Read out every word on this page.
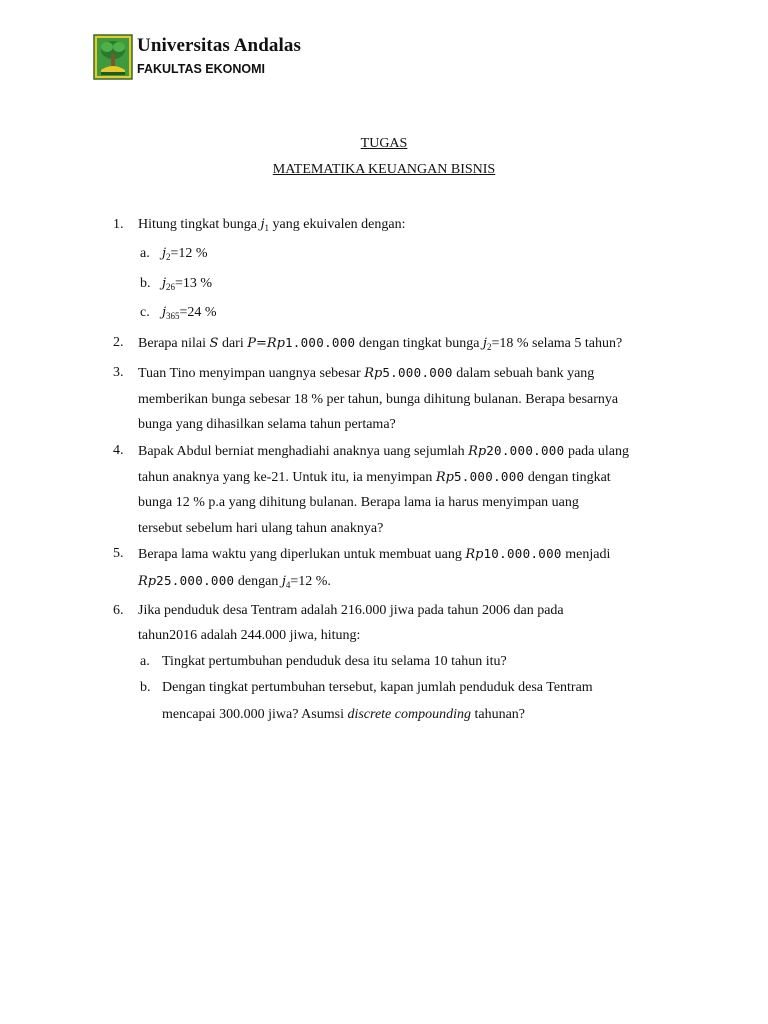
Universitas Andalas
FAKULTAS EKONOMI
TUGAS
MATEMATIKA KEUANGAN BISNIS
1.	Hitung tingkat bunga $j_1$ yang ekuivalen dengan:
a. $j_2=12$ %
b. $j_{26}=13$ %
c. $j_{365}=24$ %
2.	Berapa nilai S dari P=Rp1.000.000 dengan tingkat bunga $j_2=18$ % selama 5 tahun?
3.	Tuan Tino menyimpan uangnya sebesar Rp5.000.000 dalam sebuah bank yang
memberikan bunga sebesar 18 % per tahun, bunga dihitung bulanan. Berapa besarnya
bunga yang dihasilkan selama tahun pertama?
4.	Bapak Abdul berniat menghadiahi anaknya uang sejumlah Rp20.000.000 pada ulang
tahun anaknya yang ke-21. Untuk itu, ia menyimpan Rp5.000.000 dengan tingkat
bunga 12 % p.a yang dihitung bulanan. Berapa lama ia harus menyimpan uang
tersebut sebelum hari ulang tahun anaknya?
5.	Berapa lama waktu yang diperlukan untuk membuat uang Rp10.000.000 menjadi
Rp25.000.000 dengan $j_4=12$ %.
6.	Jika penduduk desa Tentram adalah 216.000 jiwa pada tahun 2006 dan pada
tahun2016 adalah 244.000 jiwa, hitung:
a. Tingkat pertumbuhan penduduk desa itu selama 10 tahun itu?
b. Dengan tingkat pertumbuhan tersebut, kapan jumlah penduduk desa Tentram
mencapai 300.000 jiwa? Asumsi discrete compounding tahunan?
